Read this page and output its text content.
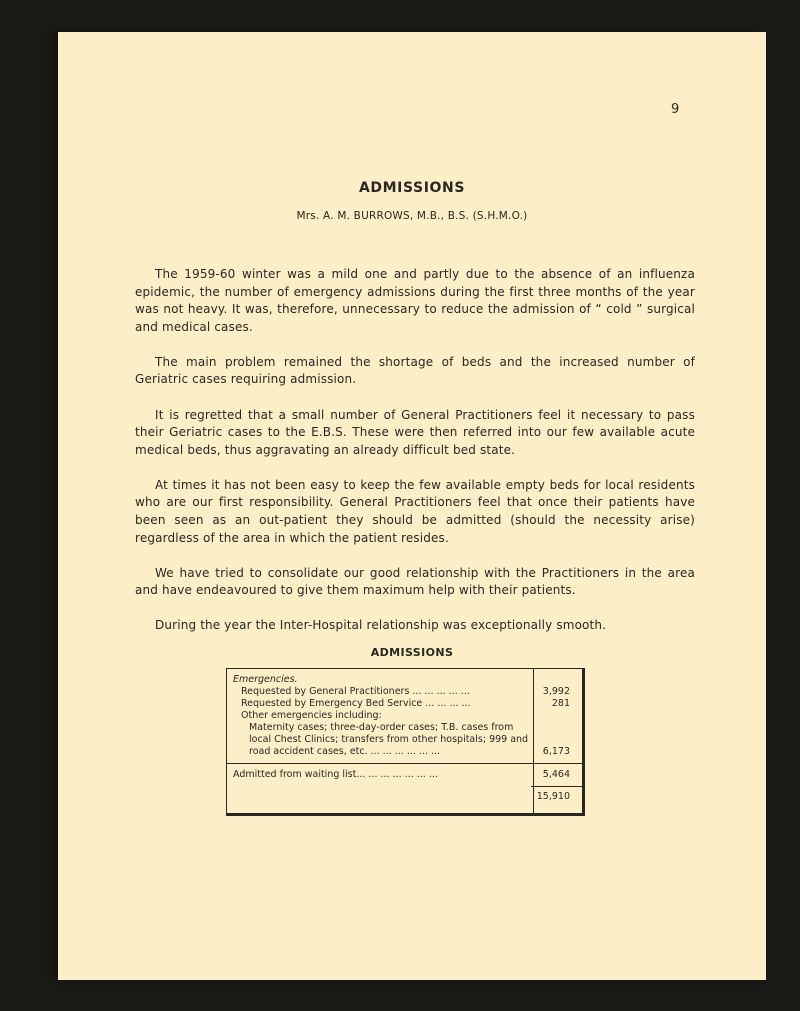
9
ADMISSIONS
Mrs. A. M. BURROWS, M.B., B.S. (S.H.M.O.)

The 1959-60 winter was a mild one and partly due to the absence of an influenza epidemic, the number of emergency admissions during the first three months of the year was not heavy. It was, therefore, unnecessary to reduce the admission of “ cold ” surgical and medical cases.

The main problem remained the shortage of beds and the increased number of Geriatric cases requiring admission.

It is regretted that a small number of General Practitioners feel it necessary to pass their Geriatric cases to the E.B.S. These were then referred into our few available acute medical beds, thus aggravating an already difficult bed state.

At times it has not been easy to keep the few available empty beds for local residents who are our first responsibility. General Practitioners feel that once their patients have been seen as an out-patient they should be admitted (should the necessity arise) regardless of the area in which the patient resides.

We have tried to consolidate our good relationship with the Practitioners in the area and have endeavoured to give them maximum help with their patients.

During the year the Inter-Hospital relationship was exceptionally smooth.

ADMISSIONS
Emergencies.
Requested by General Practitioners ... ... ... ... ...	3,992
Requested by Emergency Bed Service ... ... ... ...	281
Other emergencies including:
Maternity cases; three-day-order cases; T.B. cases from
local Chest Clinics; transfers from other hospitals; 999 and
road accident cases, etc. ... ... ... ... ... ...	6,173
Admitted from waiting list... ... ... ... ... ... ...	5,464
15,910
